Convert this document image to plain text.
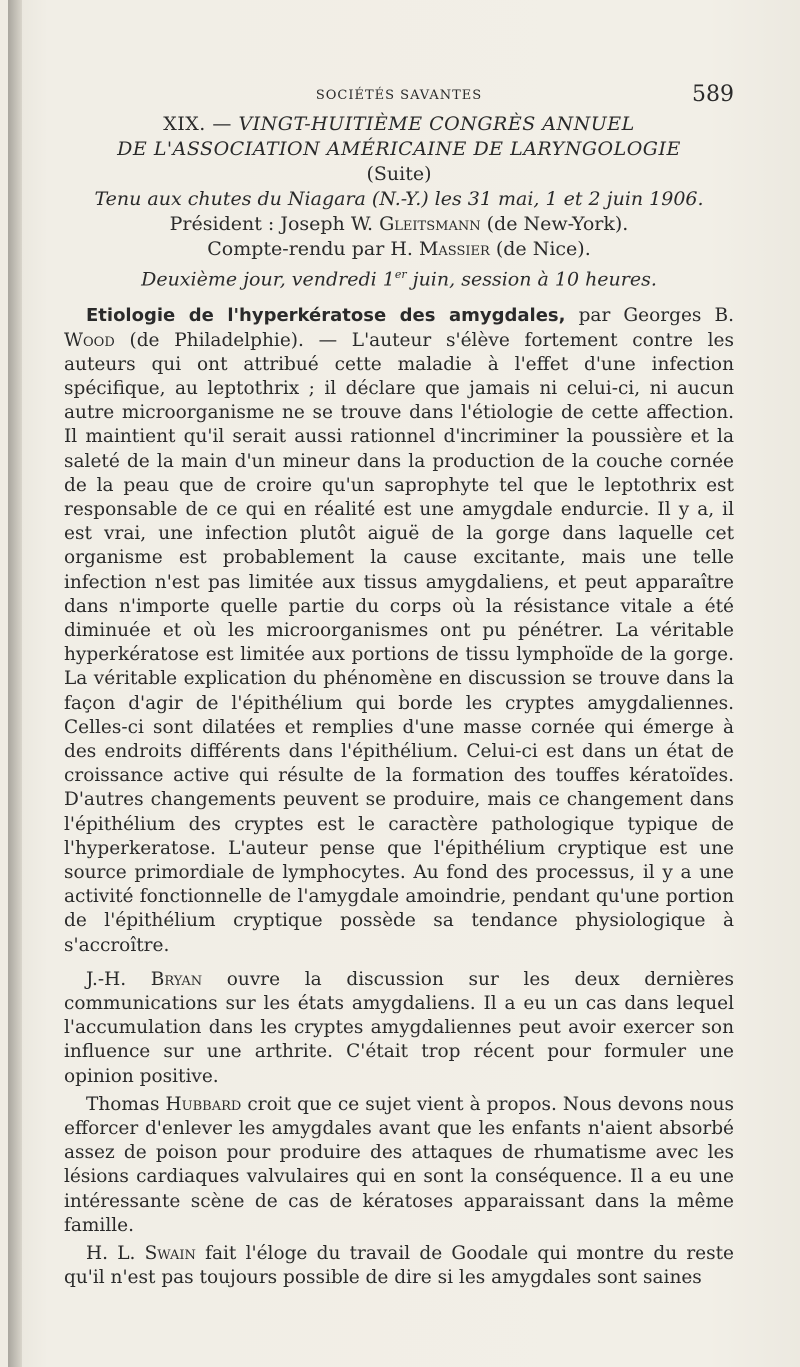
SOCIÉTÉS SAVANTES	589
XIX. — VINGT-HUITIÈME CONGRÈS ANNUEL
DE L'ASSOCIATION AMÉRICAINE DE LARYNGOLOGIE
(Suite)
Tenu aux chutes du Niagara (N.-Y.) les 31 mai, 1 et 2 juin 1906.
Président : Joseph W. Gleitsmann (de New-York).
Compte-rendu par H. Massier (de Nice).
Deuxième jour, vendredi 1er juin, session à 10 heures.

Etiologie de l'hyperkératose des amygdales, par Georges B. Wood (de Philadelphie). — L'auteur s'élève fortement contre les auteurs qui ont attribué cette maladie à l'effet d'une infection spécifique, au leptothrix ; il déclare que jamais ni celui-ci, ni aucun autre microorganisme ne se trouve dans l'étiologie de cette affection. Il maintient qu'il serait aussi rationnel d'incriminer la poussière et la saleté de la main d'un mineur dans la production de la couche cornée de la peau que de croire qu'un saprophyte tel que le leptothrix est responsable de ce qui en réalité est une amygdale endurcie. Il y a, il est vrai, une infection plutôt aiguë de la gorge dans laquelle cet organisme est probablement la cause excitante, mais une telle infection n'est pas limitée aux tissus amygdaliens, et peut apparaître dans n'importe quelle partie du corps où la résistance vitale a été diminuée et où les microorganismes ont pu pénétrer. La véritable hyperkératose est limitée aux portions de tissu lymphoïde de la gorge. La véritable explication du phénomène en discussion se trouve dans la façon d'agir de l'épithélium qui borde les cryptes amygdaliennes. Celles-ci sont dilatées et remplies d'une masse cornée qui émerge à des endroits différents dans l'épithélium. Celui-ci est dans un état de croissance active qui résulte de la formation des touffes kératoïdes. D'autres changements peuvent se produire, mais ce changement dans l'épithélium des cryptes est le caractère pathologique typique de l'hyperkeratose. L'auteur pense que l'épithélium cryptique est une source primordiale de lymphocytes. Au fond des processus, il y a une activité fonctionnelle de l'amygdale amoindrie, pendant qu'une portion de l'épithélium cryptique possède sa tendance physiologique à s'accroître.

J.-H. Bryan ouvre la discussion sur les deux dernières communications sur les états amygdaliens. Il a eu un cas dans lequel l'accumulation dans les cryptes amygdaliennes peut avoir exercer son influence sur une arthrite. C'était trop récent pour formuler une opinion positive.

Thomas Hubbard croit que ce sujet vient à propos. Nous devons nous efforcer d'enlever les amygdales avant que les enfants n'aient absorbé assez de poison pour produire des attaques de rhumatisme avec les lésions cardiaques valvulaires qui en sont la conséquence. Il a eu une intéressante scène de cas de kératoses apparaissant dans la même famille.

H. L. Swain fait l'éloge du travail de Goodale qui montre du reste qu'il n'est pas toujours possible de dire si les amygdales sont saines
